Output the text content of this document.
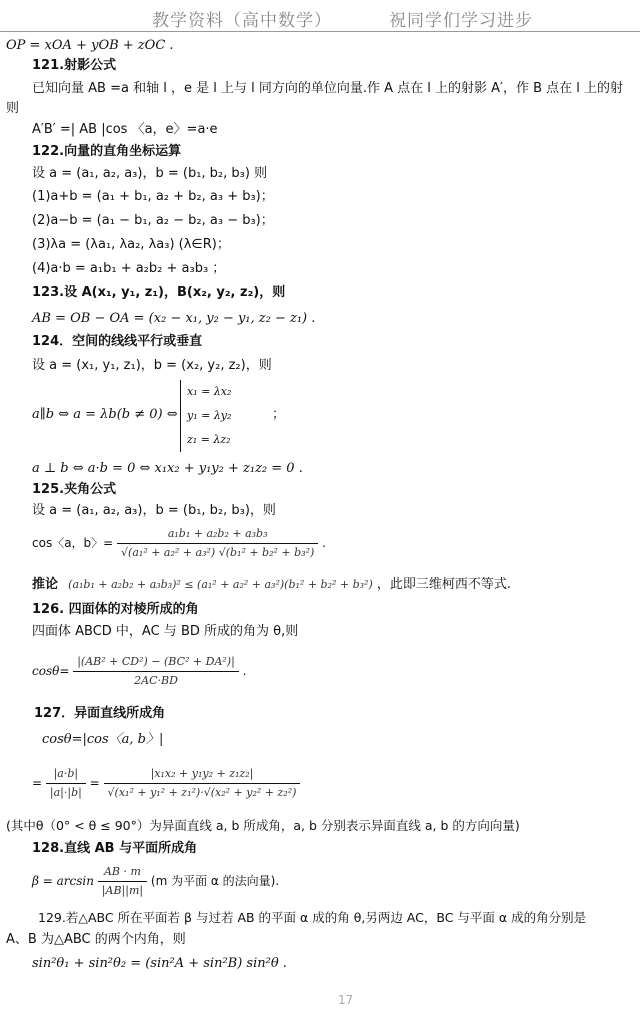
教学资料（高中数学）	祝同学们学习进步
OP = xOA + yOB + zOC .
121.射影公式
已知向量 AB =a 和轴 l ，e 是 l 上与 l 同方向的单位向量.作 A 点在 l 上的射影 A′，作 B 点在 l 上的射
则
A′B′ =| AB |cos 〈a，e〉=a·e
122.向量的直角坐标运算
设 a = (a₁, a₂, a₃)，b = (b₁, b₂, b₃) 则
(1)a+b = (a₁ + b₁, a₂ + b₂, a₃ + b₃)；
(2)a−b = (a₁ − b₁, a₂ − b₂, a₃ − b₃)；
(3)λa = (λa₁, λa₂, λa₃) (λ∈R)；
(4)a·b = a₁b₁ + a₂b₂ + a₃b₃ ；
123.设 A(x₁, y₁, z₁)，B(x₂, y₂, z₂)，则
AB = OB − OA = (x₂ − x₁, y₂ − y₁, z₂ − z₁) .
124．空间的线线平行或垂直
设 a = (x₁, y₁, z₁)，b = (x₂, y₂, z₂)，则
a∥b ⇔ a = λb(b ≠ 0) ⇔
x₁ = λx₂
y₁ = λy₂
z₁ = λz₂
；
a ⊥ b ⇔ a·b = 0 ⇔ x₁x₂ + y₁y₂ + z₁z₂ = 0 .
125.夹角公式
设 a = (a₁, a₂, a₃)，b = (b₁, b₂, b₃)，则
cos〈a，b〉= $\frac{\text{a₁b₁ + a₂b₂ + a₃b₃}}{\text{√(a₁² + a₂² + a₃²) √(b₁² + b₂² + b₃²)}}$ .
推论 (a₁b₁ + a₂b₂ + a₃b₃)² ≤ (a₁² + a₂² + a₃²)(b₁² + b₂² + b₃²) ，此即三维柯西不等式.
126. 四面体的对棱所成的角
四面体 ABCD 中，AC 与 BD 所成的角为 θ,则
$\cos\theta= \frac{\text{|(AB² + CD²) − (BC² + DA²)|}}{2AC\cdot BD}$ .
127．异面直线所成角
cosθ=|cos〈a, b〉|
= $\frac{|a\cdot b|}{|a|\cdot|b|} = \frac{\text{|x₁x₂ + y₁y₂ + z₁z₂|}}{\text{√(x₁² + y₁² + z₁²)·√(x₂² + y₂² + z₂²)}}$
(其中θ（0° < θ ≤ 90°）为异面直线 a, b 所成角，a, b 分别表示异面直线 a, b 的方向向量)
128.直线 AB 与平面所成角
$\beta = \arcsin \frac{AB \cdot m}{|AB||m|} (m$ 为平面 α 的法向量).
129.若△ABC 所在平面若 β 与过若 AB 的平面 α 成的角 θ,另两边 AC，BC 与平面 α 成的角分别是
A、B 为△ABC 的两个内角，则
sin²θ₁ + sin²θ₂ = (sin²A + sin²B) sin²θ .
17
